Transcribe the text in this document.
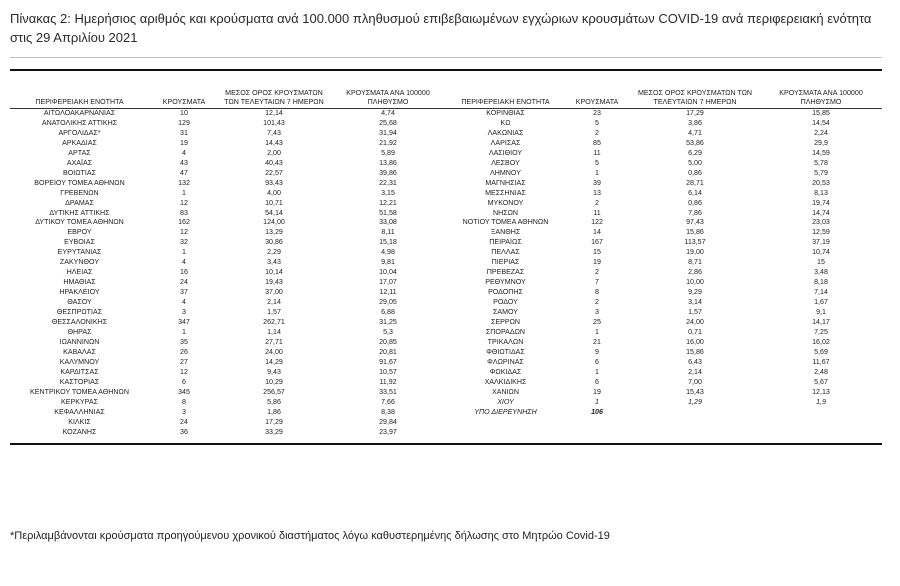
Πίνακας 2: Ημερήσιος αριθμός και κρούσματα ανά 100.000 πληθυσμού επιβεβαιωμένων εγχώριων κρουσμάτων COVID-19 ανά περιφερειακή ενότητα στις 29 Απριλίου 2021
ΠΕΡΙΦΕΡΕΙΑΚΗ ΕΝΟΤΗΤΑ	ΚΡΟΥΣΜΑΤΑ	ΜΕΣΟΣ ΟΡΟΣ ΚΡΟΥΣΜΑΤΩΝ ΤΩΝ ΤΕΛΕΥΤΑΙΩΝ 7 ΗΜΕΡΩΝ	ΚΡΟΥΣΜΑΤΑ ΑΝΑ 100000 ΠΛΗΘΥΣΜΟ	ΠΕΡΙΦΕΡΕΙΑΚΗ ΕΝΟΤΗΤΑ	ΚΡΟΥΣΜΑΤΑ	ΜΕΣΟΣ ΟΡΟΣ ΚΡΟΥΣΜΑΤΩΝ ΤΩΝ ΤΕΛΕΥΤΑΙΩΝ 7 ΗΜΕΡΩΝ	ΚΡΟΥΣΜΑΤΑ ΑΝΑ 100000 ΠΛΗΘΥΣΜΟ
ΑΙΤΩΛΟΑΚΑΡΝΑΝΙΑΣ	10	12,14	4,74	ΚΟΡΙΝΘΙΑΣ	23	17,29	15,85
ΑΝΑΤΟΛΙΚΗΣ ΑΤΤΙΚΗΣ	129	101,43	25,68	ΚΩ	5	3,86	14,54
ΑΡΓΟΛΙΔΑΣ*	31	7,43	31,94	ΛΑΚΩΝΙΑΣ	2	4,71	2,24
ΑΡΚΑΔΙΑΣ	19	14,43	21,92	ΛΑΡΙΣΑΣ	85	53,86	29,9
ΑΡΤΑΣ	4	2,00	5,89	ΛΑΣΙΘΙΟΥ	11	6,29	14,59
ΑΧΑΪΑΣ	43	40,43	13,86	ΛΕΣΒΟΥ	5	5,00	5,78
ΒΟΙΩΤΙΑΣ	47	22,57	39,86	ΛΗΜΝΟΥ	1	0,86	5,79
ΒΟΡΕΙΟΥ ΤΟΜΕΑ ΑΘΗΝΩΝ	132	93,43	22,31	ΜΑΓΝΗΣΙΑΣ	39	28,71	20,53
ΓΡΕΒΕΝΩΝ	1	4,00	3,15	ΜΕΣΣΗΝΙΑΣ	13	6,14	8,13
ΔΡΑΜΑΣ	12	10,71	12,21	ΜΥΚΟΝΟΥ	2	0,86	19,74
ΔΥΤΙΚΗΣ ΑΤΤΙΚΗΣ	83	54,14	51,58	ΝΗΣΩΝ	11	7,86	14,74
ΔΥΤΙΚΟΥ ΤΟΜΕΑ ΑΘΗΝΩΝ	162	124,00	33,08	ΝΟΤΙΟΥ ΤΟΜΕΑ ΑΘΗΝΩΝ	122	97,43	23,03
ΕΒΡΟΥ	12	13,29	8,11	ΞΑΝΘΗΣ	14	15,86	12,59
ΕΥΒΟΙΑΣ	32	30,86	15,18	ΠΕΙΡΑΙΩΣ	167	113,57	37,19
ΕΥΡΥΤΑΝΙΑΣ	1	2,29	4,98	ΠΕΛΛΑΣ	15	19,00	10,74
ΖΑΚΥΝΘΟΥ	4	3,43	9,81	ΠΙΕΡΙΑΣ	19	8,71	15
ΗΛΕΙΑΣ	16	10,14	10,04	ΠΡΕΒΕΖΑΣ	2	2,86	3,48
ΗΜΑΘΙΑΣ	24	19,43	17,07	ΡΕΘΥΜΝΟΥ	7	10,00	8,18
ΗΡΑΚΛΕΙΟΥ	37	37,00	12,11	ΡΟΔΟΠΗΣ	8	9,29	7,14
ΘΑΣΟΥ	4	2,14	29,05	ΡΟΔΟΥ	2	3,14	1,67
ΘΕΣΠΡΩΤΙΑΣ	3	1,57	6,88	ΣΑΜΟΥ	3	1,57	9,1
ΘΕΣΣΑΛΟΝΙΚΗΣ	347	262,71	31,25	ΣΕΡΡΩΝ	25	24,00	14,17
ΘΗΡΑΣ	1	1,14	5,3	ΣΠΟΡΑΔΩΝ	1	0,71	7,25
ΙΩΑΝΝΙΝΩΝ	35	27,71	20,85	ΤΡΙΚΑΛΩΝ	21	16,00	16,02
ΚΑΒΑΛΑΣ	26	24,00	20,81	ΦΘΙΩΤΙΔΑΣ	9	15,86	5,69
ΚΑΛΥΜΝΟΥ	27	14,29	91,67	ΦΛΩΡΙΝΑΣ	6	6,43	11,67
ΚΑΡΔΙΤΣΑΣ	12	9,43	10,57	ΦΩΚΙΔΑΣ	1	2,14	2,48
ΚΑΣΤΟΡΙΑΣ	6	10,29	11,92	ΧΑΛΚΙΔΙΚΗΣ	6	7,00	5,67
ΚΕΝΤΡΙΚΟΥ ΤΟΜΕΑ ΑΘΗΝΩΝ	345	256,57	33,51	ΧΑΝΙΩΝ	19	15,43	12,13
ΚΕΡΚΥΡΑΣ	8	5,86	7,66	ΧΙΟΥ	1	1,29	1,9
ΚΕΦΑΛΛΗΝΙΑΣ	3	1,86	8,38	ΥΠΟ ΔΙΕΡΕΥΝΗΣΗ	106		
ΚΙΛΚΙΣ	24	17,29	29,84				
ΚΟΖΑΝΗΣ	36	33,29	23,97				
*Περιλαμβάνονται κρούσματα προηγούμενου χρονικού διαστήματος λόγω καθυστερημένης δήλωσης στο Μητρώο Covid-19
